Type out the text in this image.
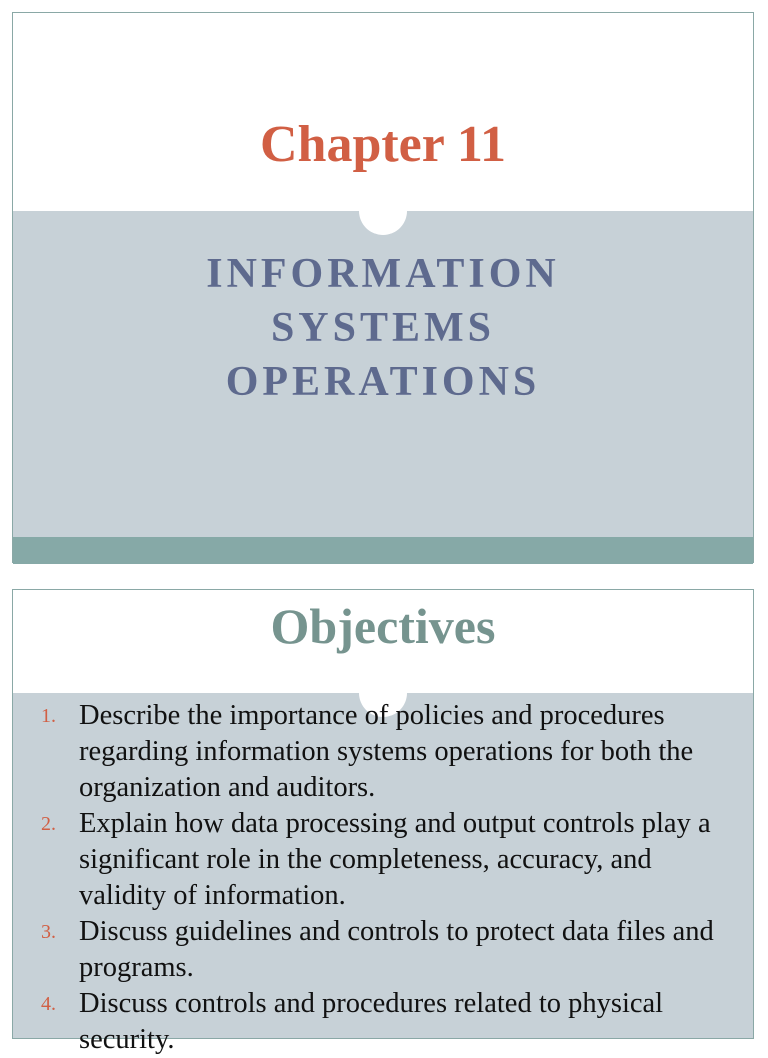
Chapter 11
INFORMATION
SYSTEMS
OPERATIONS
Objectives
1. Describe the importance of policies and procedures regarding information systems operations for both the organization and auditors.
2. Explain how data processing and output controls play a significant role in the completeness, accuracy, and validity of information.
3. Discuss guidelines and controls to protect data files and programs.
4. Discuss controls and procedures related to physical security.
